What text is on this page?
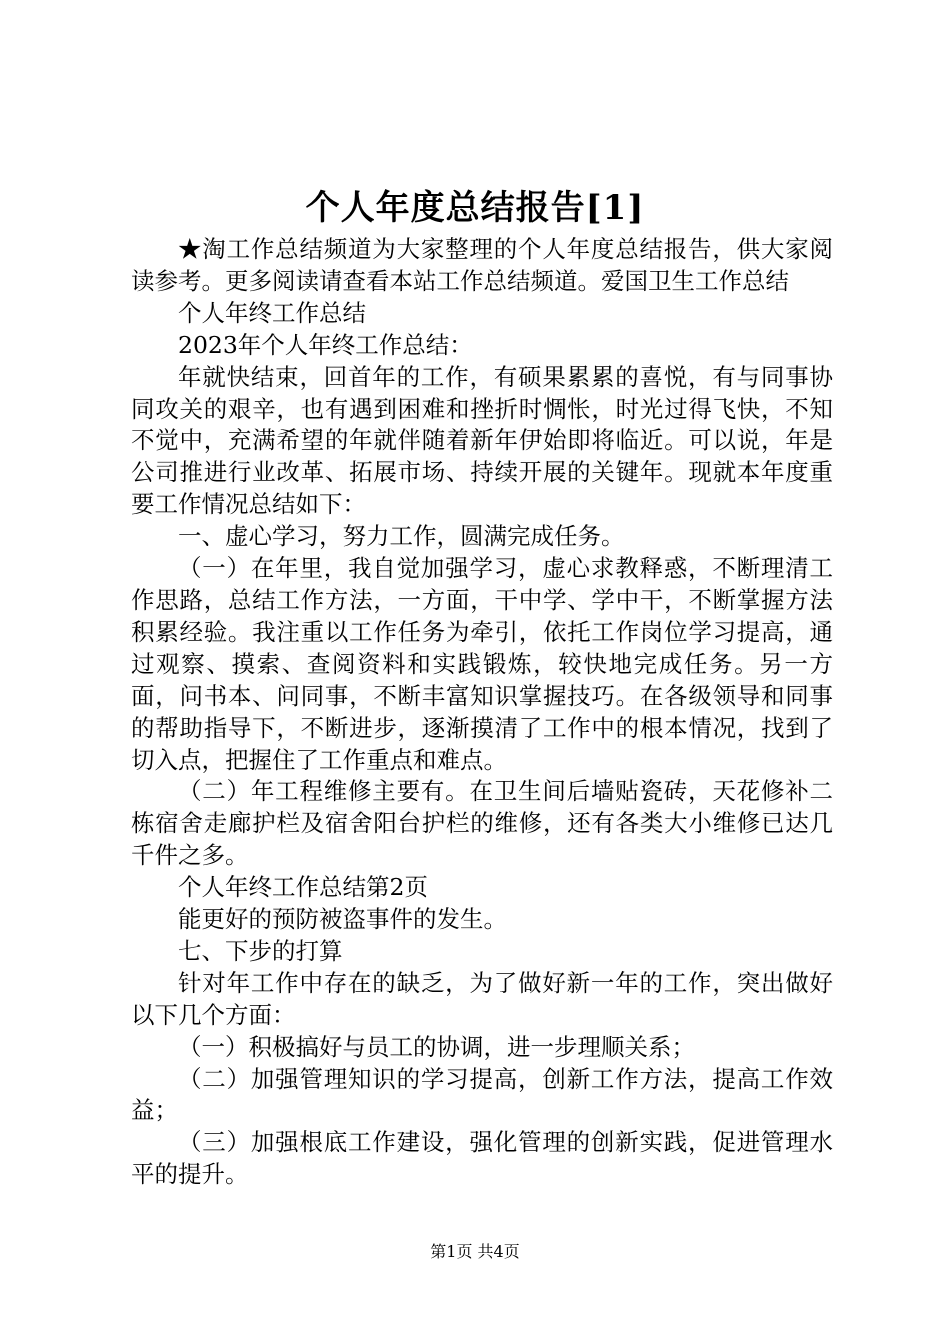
个人年度总结报告[1]

★淘工作总结频道为大家整理的个人年度总结报告，供大家阅读参考。更多阅读请查看本站工作总结频道。爱国卫生工作总结

个人年终工作总结

2023年个人年终工作总结：

年就快结束，回首年的工作，有硕果累累的喜悦，有与同事协同攻关的艰辛，也有遇到困难和挫折时惆怅，时光过得飞快，不知不觉中，充满希望的年就伴随着新年伊始即将临近。可以说，年是公司推进行业改革、拓展市场、持续开展的关键年。现就本年度重要工作情况总结如下：

一、虚心学习，努力工作，圆满完成任务。

（一）在年里，我自觉加强学习，虚心求教释惑，不断理清工作思路，总结工作方法，一方面，干中学、学中干，不断掌握方法积累经验。我注重以工作任务为牵引，依托工作岗位学习提高，通过观察、摸索、查阅资料和实践锻炼，较快地完成任务。另一方面，问书本、问同事，不断丰富知识掌握技巧。在各级领导和同事的帮助指导下，不断进步，逐渐摸清了工作中的根本情况，找到了切入点，把握住了工作重点和难点。

（二）年工程维修主要有。在卫生间后墙贴瓷砖，天花修补二栋宿舍走廊护栏及宿舍阳台护栏的维修，还有各类大小维修已达几千件之多。

个人年终工作总结第2页

能更好的预防被盗事件的发生。

七、下步的打算

针对年工作中存在的缺乏，为了做好新一年的工作，突出做好以下几个方面：

（一）积极搞好与员工的协调，进一步理顺关系；

（二）加强管理知识的学习提高，创新工作方法，提高工作效益；

（三）加强根底工作建设，强化管理的创新实践，促进管理水平的提升。

第1页 共4页
